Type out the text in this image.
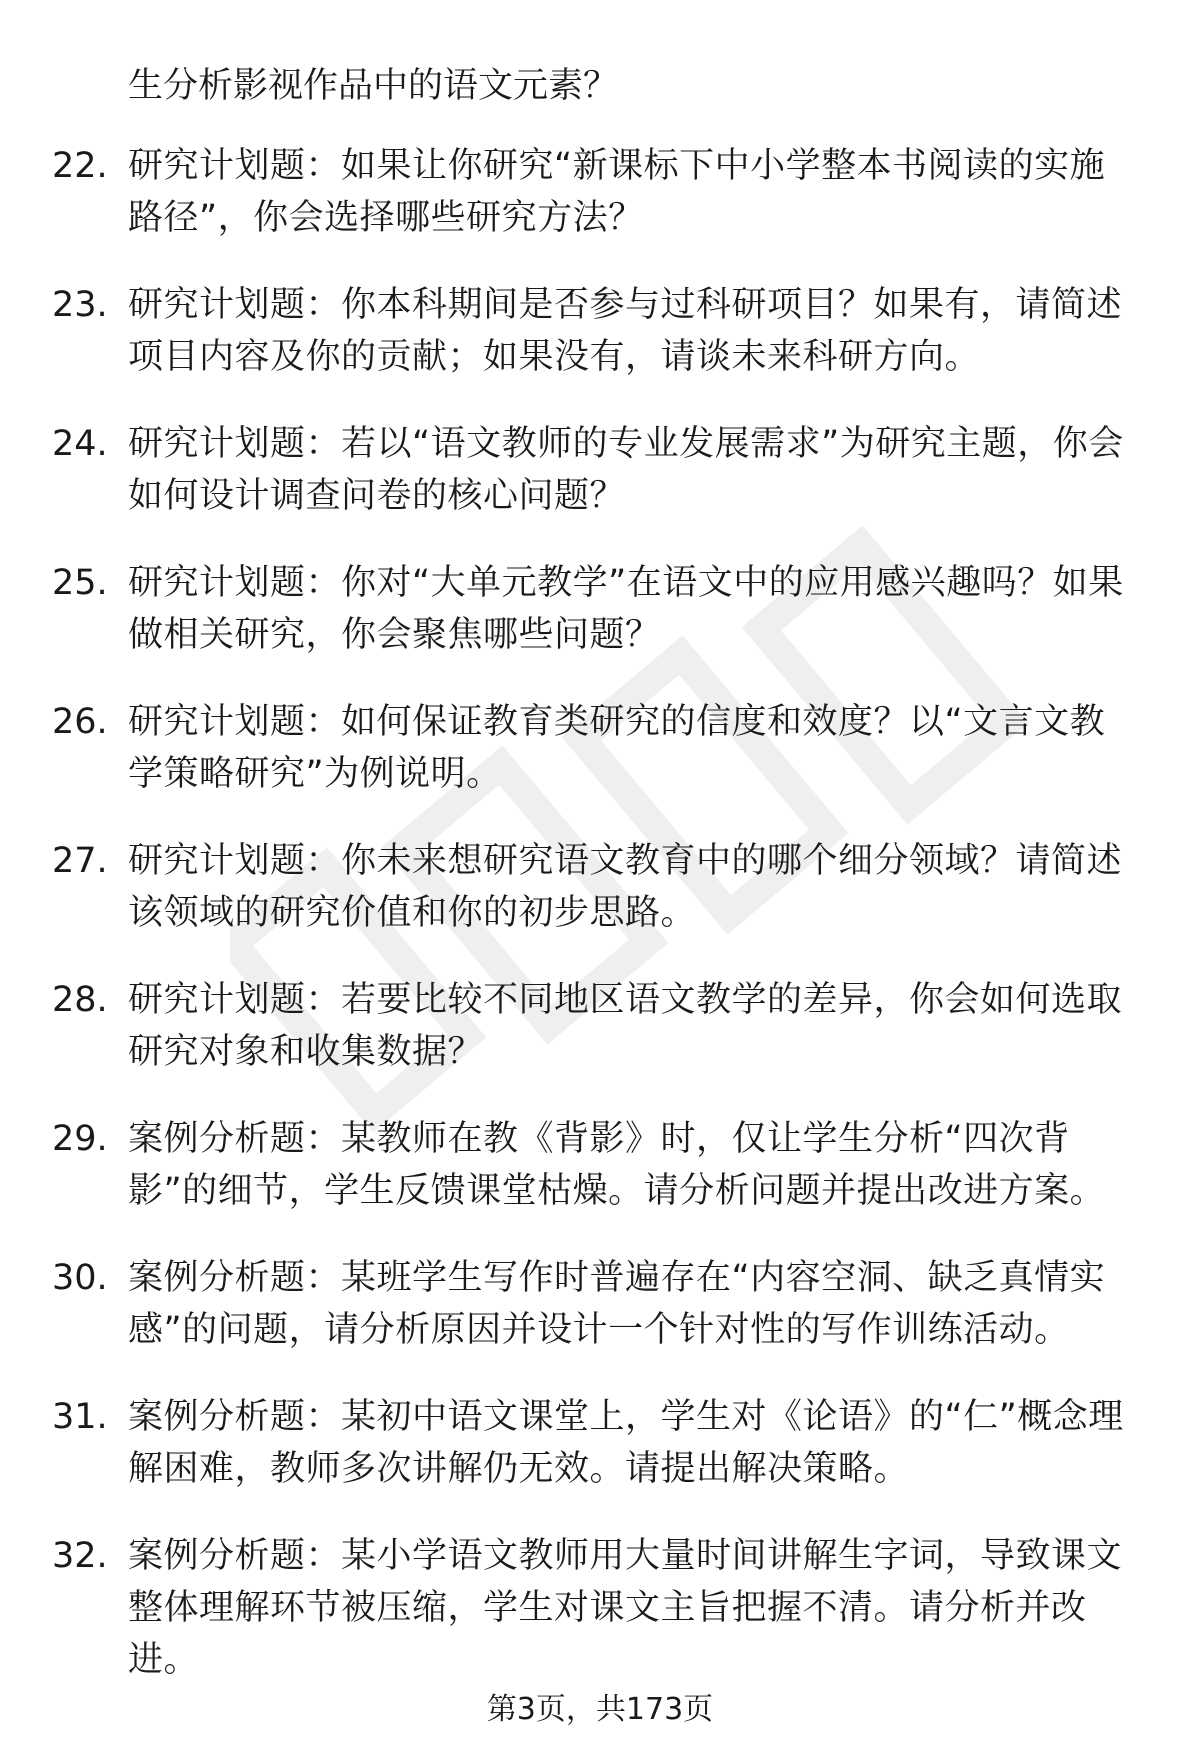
生分析影视作品中的语文元素？
22. 研究计划题：如果让你研究“新课标下中小学整本书阅读的实施路径”，你会选择哪些研究方法？
23. 研究计划题：你本科期间是否参与过科研项目？如果有，请简述项目内容及你的贡献；如果没有，请谈未来科研方向。
24. 研究计划题：若以“语文教师的专业发展需求”为研究主题，你会如何设计调查问卷的核心问题？
25. 研究计划题：你对“大单元教学”在语文中的应用感兴趣吗？如果做相关研究，你会聚焦哪些问题？
26. 研究计划题：如何保证教育类研究的信度和效度？以“文言文教学策略研究”为例说明。
27. 研究计划题：你未来想研究语文教育中的哪个细分领域？请简述该领域的研究价值和你的初步思路。
28. 研究计划题：若要比较不同地区语文教学的差异，你会如何选取研究对象和收集数据？
29. 案例分析题：某教师在教《背影》时，仅让学生分析“四次背影”的细节，学生反馈课堂枯燥。请分析问题并提出改进方案。
30. 案例分析题：某班学生写作时普遍存在“内容空洞、缺乏真情实感”的问题，请分析原因并设计一个针对性的写作训练活动。
31. 案例分析题：某初中语文课堂上，学生对《论语》的“仁”概念理解困难，教师多次讲解仍无效。请提出解决策略。
32. 案例分析题：某小学语文教师用大量时间讲解生字词，导致课文整体理解环节被压缩，学生对课文主旨把握不清。请分析并改进。
第3页，共173页
